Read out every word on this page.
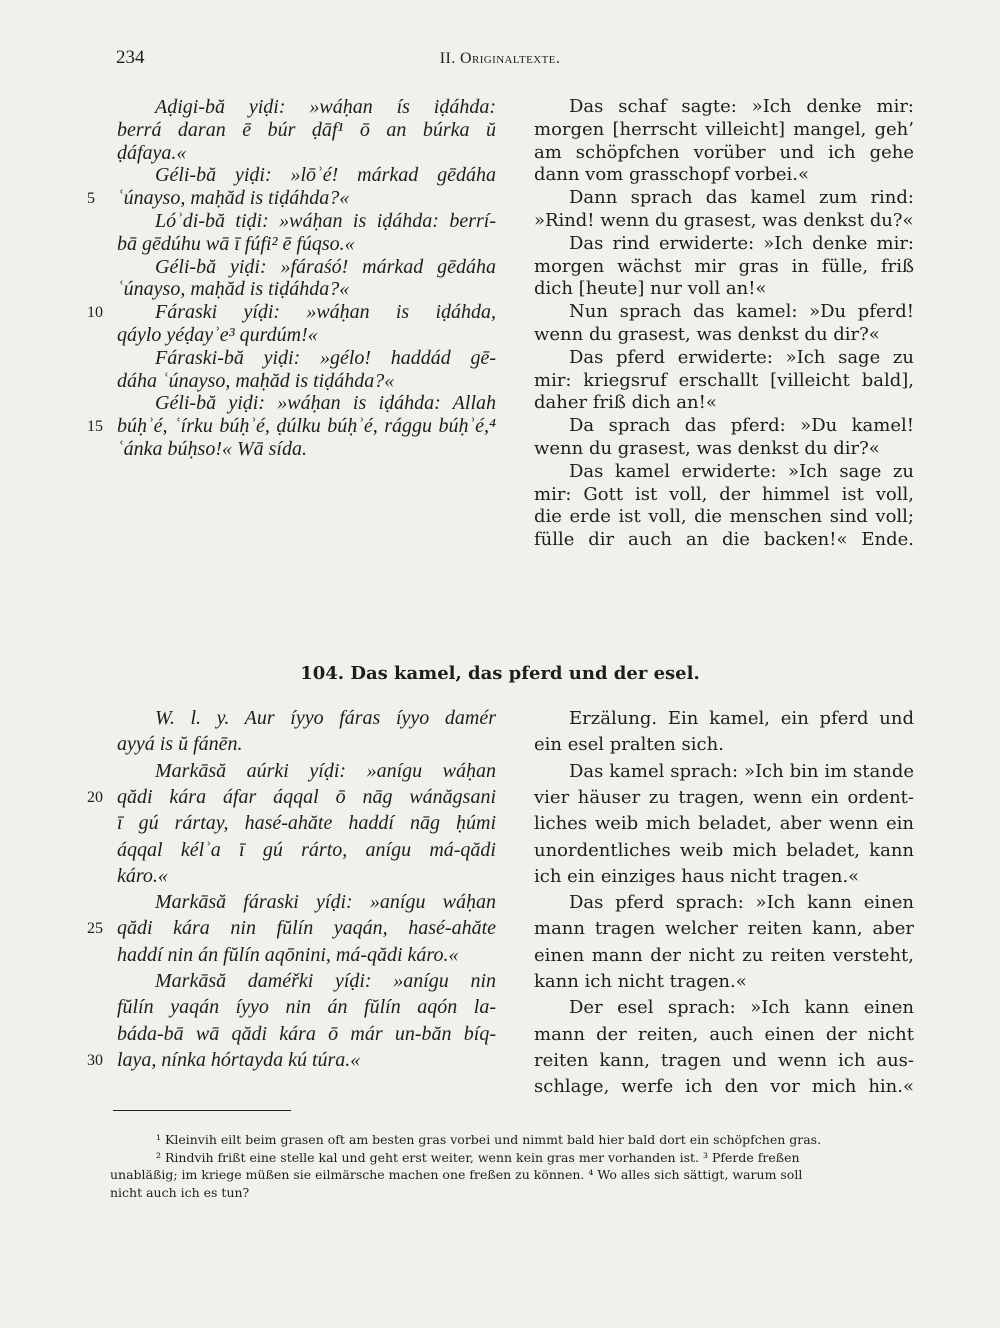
234	II. Originaltexte.
Aḍigi-bă yiḍi: »wáḥan ís iḍáhda:
berrá daran ē búr ḍāf¹ ō an búrka ŭ
ḍáfaya.«
Géli-bă yiḍi: »lōʾé! márkad gēdáha
ʿúnayso, maḥăd is tiḍáhda?«
5
Lóʾdi-bă tiḍi: »wáḥan is iḍáhda: berrí-
bā gēdúhu wā ī fúfi² ē fúqso.«
Géli-bă yiḍi: »fáraśó! márkad gēdáha
ʿúnayso, maḥăd is tiḍáhda?«
Fáraski yíḍi: »wáḥan is iḍáhda,
10
qáylo yéḍayʾe³ qurdúm!«
Fáraski-bă yiḍi: »gélo! haddád gē-
dáha ʿúnayso, maḥăd is tiḍáhda?«
Géli-bă yiḍi: »wáḥan is iḍáhda: Allah
búḥʾé, ʿírku búḥʾé, ḍúlku búḥʾé, rággu búḥʾé,⁴
15
ʿánka búḥso!« Wā sída.
Das schaf sagte: »Ich denke mir:
morgen [herrscht villeicht] mangel, geh’
am schöpfchen vorüber und ich gehe
dann vom grasschopf vorbei.«
Dann sprach das kamel zum rind:
»Rind! wenn du grasest, was denkst du?«
Das rind erwiderte: »Ich denke mir:
morgen wächst mir gras in fülle, friß
dich [heute] nur voll an!«
Nun sprach das kamel: »Du pferd!
wenn du grasest, was denkst du dir?«
Das pferd erwiderte: »Ich sage zu
mir: kriegsruf erschallt [villeicht bald],
daher friß dich an!«
Da sprach das pferd: »Du kamel!
wenn du grasest, was denkst du dir?«
Das kamel erwiderte: »Ich sage zu
mir: Gott ist voll, der himmel ist voll,
die erde ist voll, die menschen sind voll;
fülle dir auch an die backen!« Ende.
104. Das kamel, das pferd und der esel.
W. l. y. Aur íyyo fáras íyyo damér
ayyá is ŭ fánēn.
Markāsă aúrki yíḍi: »anígu wáḥan
qădi kára áfar áqqal ō nāg wánăgsani
20
ī gú rártay, hasé-ahăte haddí nāg ḥúmi
áqqal kélʾa ī gú rárto, anígu má-qădi
káro.«
Markāsă fáraski yíḍi: »anígu wáḥan
qădi kára nin fŭlín yaqán, hasé-ahăte
25
haddí nin án fŭlín aqōnini, má-qădi káro.«
Markāsă daméřki yíḍi: »anígu nin
fŭlín yaqán íyyo nin án fŭlín aqón la-
báda-bā wā qădi kára ō már un-băn bíq-
laya, nínka hórtayda kú túra.«
30
Erzälung. Ein kamel, ein pferd und
ein esel pralten sich.
Das kamel sprach: »Ich bin im stande
vier häuser zu tragen, wenn ein ordent-
liches weib mich beladet, aber wenn ein
unordentliches weib mich beladet, kann
ich ein einziges haus nicht tragen.«
Das pferd sprach: »Ich kann einen
mann tragen welcher reiten kann, aber
einen mann der nicht zu reiten versteht,
kann ich nicht tragen.«
Der esel sprach: »Ich kann einen
mann der reiten, auch einen der nicht
reiten kann, tragen und wenn ich aus-
schlage, werfe ich den vor mich hin.«
¹ Kleinvih eilt beim grasen oft am besten gras vorbei und nimmt bald hier bald dort ein schöpfchen gras.
² Rindvih frißt eine stelle kal und geht erst weiter, wenn kein gras mer vorhanden ist. ³ Pferde freßen
unabläßig; im kriege müßen sie eilmärsche machen one freßen zu können. ⁴ Wo alles sich sättigt, warum soll
nicht auch ich es tun?
